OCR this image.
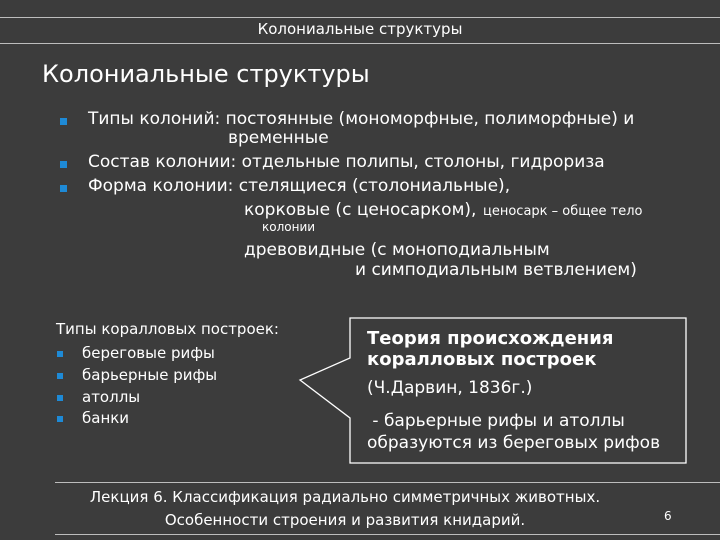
Колониальные структуры
Колониальные структуры
Типы колоний: постоянные (мономорфные, полиморфные) и
временные
Состав колонии: отдельные полипы, столоны, гидрориза
Форма колонии: стелящиеся (столониальные),
корковые (с ценосарком), ценосарк – общее тело
колонии
древовидные (с моноподиальным
и симподиальным ветвлением)
Типы коралловых построек:
береговые рифы
барьерные рифы
атоллы
банки
Теория происхождения
коралловых построек
(Ч.Дарвин, 1836г.)
- барьерные рифы и атоллы
образуются из береговых рифов
Лекция 6. Классификация радиально симметричных животных.
Особенности строения и развития книдарий.	6
